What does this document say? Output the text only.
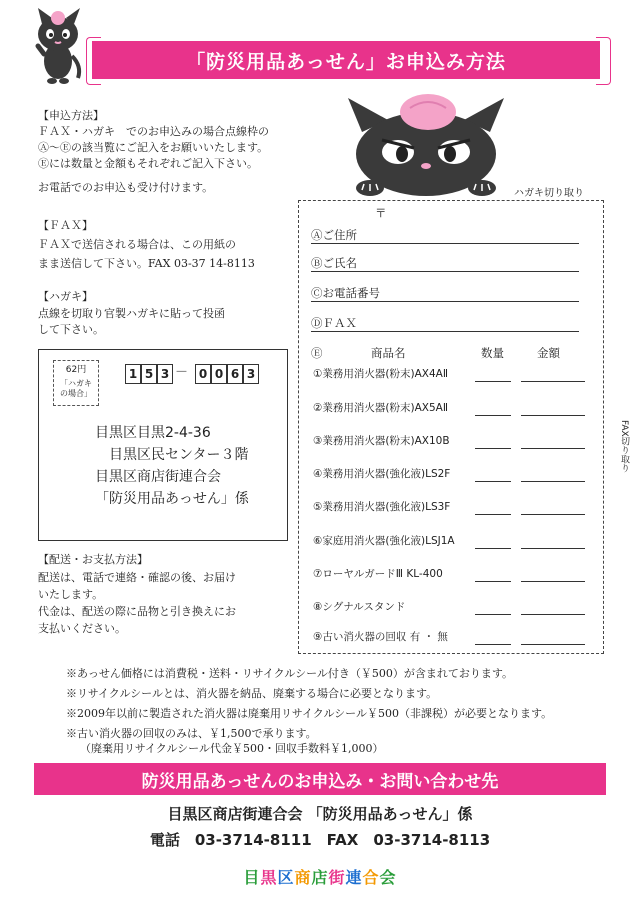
「防災用品あっせん」お申込み方法
【申込方法】
ＦＡＸ・ハガキ　でのお申込みの場合点線枠の
Ⓐ～Ⓔの該当覧にご記入をお願いいたします。
Ⓔには数量と金額もそれぞれご記入下さい。
お電話でのお申込も受け付けます。
【ＦＡＸ】
ＦＡＸで送信される場合は、この用紙の
まま送信して下さい。FAX 03‐37 14‐8113
【ハガキ】
点線を切取り官製ハガキに貼って投函
して下さい。
62円
「ハガキ
の場合」
1 5 3 － 0 0 6 3
目黒区目黒2-4-36
目黒区民センター３階
目黒区商店街連合会
「防災用品あっせん」係
【配送・お支払方法】
配送は、電話で連絡・確認の後、お届け
いたします。
代金は、配送の際に品物と引き換えにお
支払いください。
ハガキ切り取り
〒
Ⓐご住所
Ⓑご氏名
Ⓒお電話番号
ⒹＦＡＸ
Ⓔ	商品名	数量	金額
①業務用消火器(粉末)AX4AⅡ
②業務用消火器(粉末)AX5AⅡ
③業務用消火器(粉末)AX10B
④業務用消火器(強化液)LS2F
⑤業務用消火器(強化液)LS3F
⑥家庭用消火器(強化液)LSJ1A
⑦ローヤルガードⅢ KL-400
⑧シグナルスタンド
⑨古い消火器の回収 有 ・ 無
FAX切り取り
※あっせん価格には消費税・送料・リサイクルシール付き（￥500）が含まれております。
※リサイクルシールとは、消火器を納品、廃棄する場合に必要となります。
※2009年以前に製造された消火器は廃棄用リサイクルシール￥500（非課税）が必要となります。
※古い消火器の回収のみは、￥1,500で承ります。
（廃棄用リサイクルシール代金￥500・回収手数料￥1,000）
防災用品あっせんのお申込み・お問い合わせ先
目黒区商店街連合会 「防災用品あっせん」係
電話　03-3714-8111　FAX　03-3714-8113
目黒区商店街連合会
